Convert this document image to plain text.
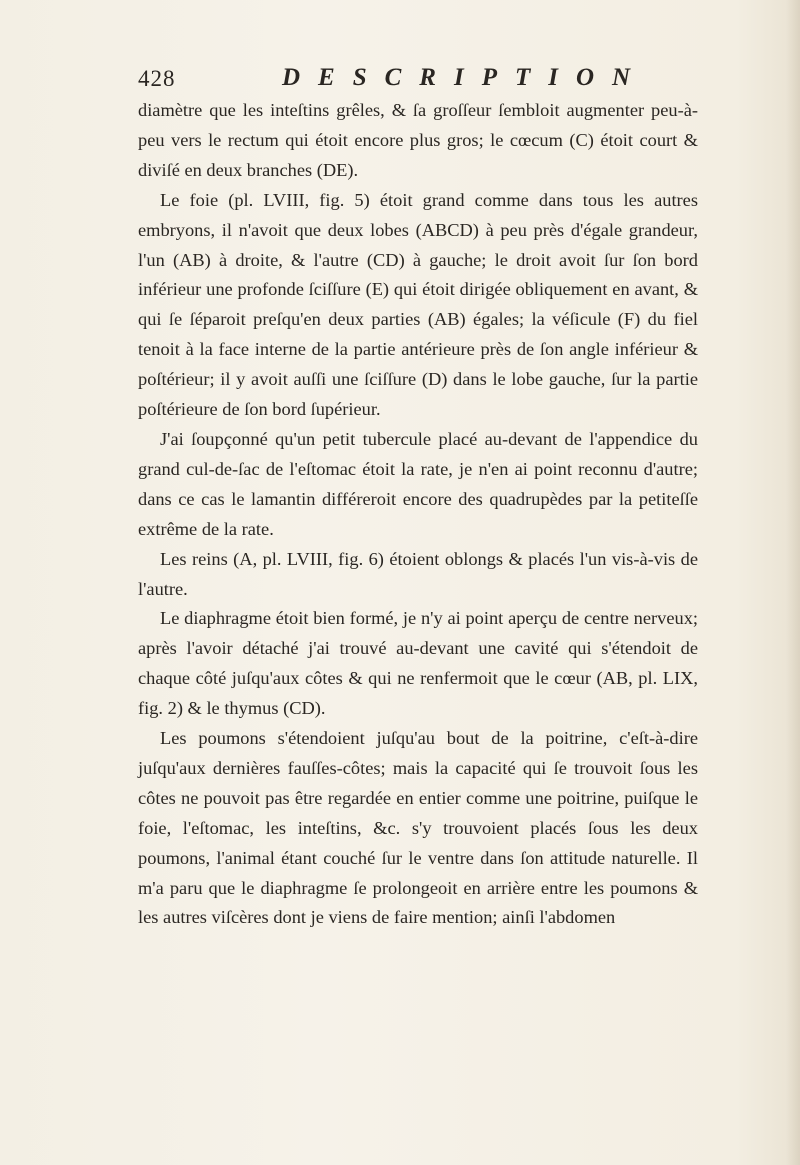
428	DESCRIPTION

diamètre que les inteſtins grêles, & ſa groſſeur ſembloit augmenter peu-à-peu vers le rectum qui étoit encore plus gros; le cœcum (C) étoit court & diviſé en deux branches (DE).

Le foie (pl. LVIII, fig. 5) étoit grand comme dans tous les autres embryons, il n'avoit que deux lobes (ABCD) à peu près d'égale grandeur, l'un (AB) à droite, & l'autre (CD) à gauche; le droit avoit ſur ſon bord inférieur une profonde ſciſſure (E) qui étoit dirigée obliquement en avant, & qui ſe ſéparoit preſqu'en deux parties (AB) égales; la véſicule (F) du fiel tenoit à la face interne de la partie antérieure près de ſon angle inférieur & poſtérieur; il y avoit auſſi une ſciſſure (D) dans le lobe gauche, ſur la partie poſtérieure de ſon bord ſupérieur.

J'ai ſoupçonné qu'un petit tubercule placé au-devant de l'appendice du grand cul-de-ſac de l'eſtomac étoit la rate, je n'en ai point reconnu d'autre; dans ce cas le lamantin différeroit encore des quadrupèdes par la petiteſſe extrême de la rate.

Les reins (A, pl. LVIII, fig. 6) étoient oblongs & placés l'un vis-à-vis de l'autre.

Le diaphragme étoit bien formé, je n'y ai point aperçu de centre nerveux; après l'avoir détaché j'ai trouvé au-devant une cavité qui s'étendoit de chaque côté juſqu'aux côtes & qui ne renfermoit que le cœur (AB, pl. LIX, fig. 2) & le thymus (CD).

Les poumons s'étendoient juſqu'au bout de la poitrine, c'eſt-à-dire juſqu'aux dernières fauſſes-côtes; mais la capacité qui ſe trouvoit ſous les côtes ne pouvoit pas être regardée en entier comme une poitrine, puiſque le foie, l'eſtomac, les inteſtins, &c. s'y trouvoient placés ſous les deux poumons, l'animal étant couché ſur le ventre dans ſon attitude naturelle. Il m'a paru que le diaphragme ſe prolongeoit en arrière entre les poumons & les autres viſcères dont je viens de faire mention; ainſi l'abdomen
